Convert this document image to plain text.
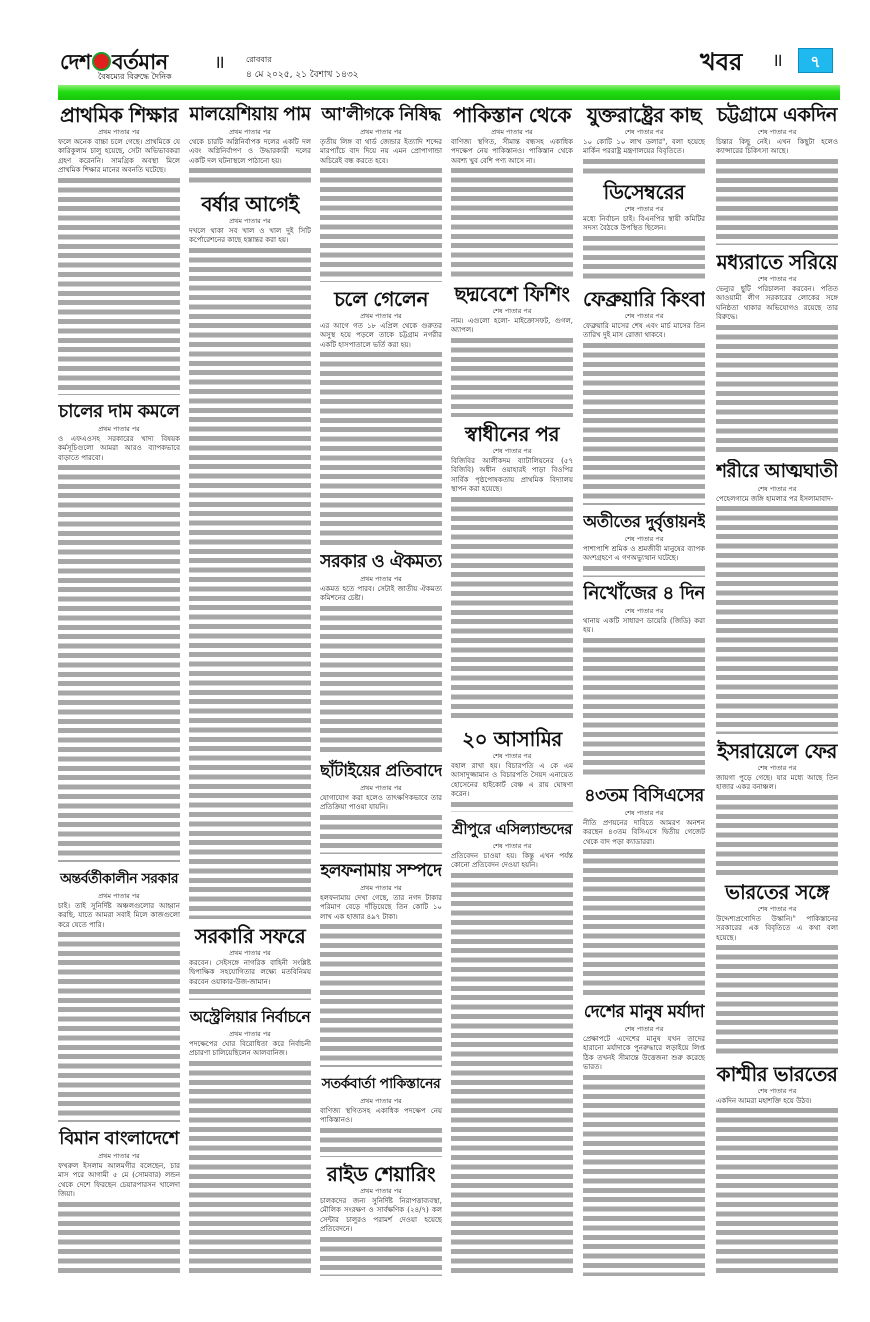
দেশ বর্তমান
বৈষম্যের বিরুদ্ধে দৈনিক
॥	রোববার
৪ মে ২০২৫, ২১ বৈশাখ ১৪৩২	খবর ॥	৭
প্রাথমিক শিক্ষার
প্রথম পাতার পর
ফলে অনেক বাচ্চা চলে গেছে। প্রাথমিকে যে কারিকুলাম চালু হয়েছে, সেটা অভিভাবকরা গ্রহণ করেননি। সামগ্রিক অবস্থা মিলে প্রাথমিক শিক্ষার মানের অবনতি ঘটেছে।
চালের দাম কমলে
প্রথম পাতার পর
ও এফএওসহ সরকারের খাদ্য বিষয়ক কর্মসূচিগুলো আমরা আরও ব্যাপকভাবে বাড়াতে পারবো।
অন্তর্বর্তীকালীন সরকার
প্রথম পাতার পর
চাই। তাই সুনির্দিষ্ট অঞ্চলগুলোর আহ্বান করছি, যাতে আমরা সবাই মিলে কাজগুলো করে যেতে পারি।
বিমান বাংলাদেশে
প্রথম পাতার পর
ফখরুল ইসলাম আলমগীর বলেছেন, চার মাস পরে আগামী ৫ মে (সোমবার) লন্ডন থেকে দেশে ফিরছেন চেয়ারপারসন খালেদা জিয়া।
মালয়েশিয়ায় পাম
প্রথম পাতার পর
থেকে চারটি অগ্নিনির্বাপক দলের একটি দল এবং অগ্নিনির্বাপণ ও উদ্ধারকারী দলের একটি দল ঘটনাস্থলে পাঠানো হয়।
বর্ষার আগেই
প্রথম পাতার পর
দখলে থাকা সব খাল ও খাল দুই সিটি কর্পোরেশনের কাছে হস্তান্তর করা হয়।
সরকারি সফরে
প্রথম পাতার পর
করবেন। সেইসঙ্গে নাগরিক বাহিনী সংশ্লিষ্ট দ্বিপাক্ষিক সহযোগিতার লক্ষ্যে মতবিনিময় করবেন ওয়াকার-উজ-জামান।
অস্ট্রেলিয়ার নির্বাচনে
প্রথম পাতার পর
পদক্ষেপের ঘোর বিরোধিতা করে নির্বাচনী প্রচারণা চালিয়েছিলেন আলবানিজ।
আ'লীগকে নিষিদ্ধ
প্রথম পাতার পর
তৃতীয় লিঙ্গ বা থার্ড জেন্ডার ইত্যাদি শব্দের মারপ্যাঁচে বাদ দিয়ে নয় এমন প্রোপাগান্ডা অচিরেই বন্ধ করতে হবে।
চলে গেলেন
প্রথম পাতার পর
এর আগে গত ১৮ এপ্রিল থেকে গুরুতর অসুস্থ হয়ে পড়লে তাকে চট্টগ্রাম নগরীর একটি হাসপাতালে ভর্তি করা হয়।
সরকার ও ঐকমত্য
প্রথম পাতার পর
একমত হতে পারব। সেটাই জাতীয় ঐকমত্য কমিশনের চেষ্টা।
ছাঁটাইয়ের প্রতিবাদে
প্রথম পাতার পর
যোগাযোগ করা হলেও তাৎক্ষণিকভাবে তার প্রতিক্রিয়া পাওয়া যায়নি।
হলফনামায় সম্পদে
প্রথম পাতার পর
হলফনামায় দেখা গেছে, তার নগদ টাকার পরিমাণ বেড়ে দাঁড়িয়েছে তিন কোটি ১০ লাখ এক হাজার ৪৯৭ টাকা।
সতর্কবার্তা পাকিস্তানের
প্রথম পাতার পর
বাণিজ্য স্থগিতসহ একাধিক পদক্ষেপ নেয় পাকিস্তানও।
রাইড শেয়ারিং
প্রথম পাতার পর
চালকদের জন্য সুনির্দিষ্ট নিরাপত্তাব্যবস্থা, মৌলিক সংরক্ষণ ও সার্বক্ষণিক (২৪/৭) কল সেন্টার চালুরও পরামর্শ দেওয়া হয়েছে প্রতিবেদনে।
পাকিস্তান থেকে
প্রথম পাতার পর
বাণিজ্য স্থগিত, সীমান্ত বন্ধসহ একাধিক পদক্ষেপ নেয় পাকিস্তানও। পাকিস্তান থেকে অবশ্য খুব বেশি পণ্য আসে না।
ছদ্মবেশে ফিশিং
শেষ পাতার পর
নাম। এগুলো হলো- মাইক্রোসফট, গুগল, অ্যাপল।
স্বাধীনের পর
শেষ পাতার পর
বিজিবির আলীকদম ব্যাটালিয়নের (৫৭ বিজিবি) অধীন ওয়াহারই পাড়া বিওপির সার্বিক পৃষ্ঠপোষকতায় প্রাথমিক বিদ্যালয় স্থাপন করা হয়েছে।
২০ আসামির
শেষ পাতার পর
বহাল রাখা হয়। বিচারপতি এ কে এম আসাদুজ্জামান ও বিচারপতি সৈয়দ এনায়েত হোসেনের হাইকোর্ট বেঞ্চ এ রায় ঘোষণা করেন।
শ্রীপুরে এসিল্যান্ডদের
শেষ পাতার পর
প্রতিবেদন চাওয়া হয়। কিন্তু এখন পর্যন্ত কোনো প্রতিবেদন দেওয়া হয়নি।
যুক্তরাষ্ট্রের কাছ
শেষ পাতার পর
১০ কোটি ১০ লাখ ডলার", বলা হয়েছে মার্কিন পররাষ্ট্র মন্ত্রণালয়ের বিবৃতিতে।
ডিসেম্বরের
শেষ পাতার পর
মধ্যে নির্বাচন চাই। বিএনপির স্থায়ী কমিটির সদস্য বৈঠকে উপস্থিত ছিলেন।
ফেব্রুয়ারি কিংবা
শেষ পাতার পর
ফেব্রুয়ারি মাসের শেষ এবং মার্চ মাসের তিন তারিখ দুই মাস রোজা থাকবে।
অতীতের দুর্বৃত্তায়নই
শেষ পাতার পর
পাশাপাশি শ্রমিক ও শ্রমজীবী মানুষের ব্যাপক অংশগ্রহণে এ গণঅভ্যুত্থান ঘটেছে।
নিখোঁজের ৪ দিন
শেষ পাতার পর
থানায় একটি সাধারণ ডায়েরি (জিডি) করা হয়।
৪৩তম বিসিএসের
শেষ পাতার পর
নীতি প্রণয়নের দাবিতে আমরণ অনশন করছেন ৪৩তম বিসিএসে দ্বিতীয় গেজেট থেকে বাদ পড়া ক্যাডাররা।
দেশের মানুষ মর্যাদা
শেষ পাতার পর
প্রেক্ষাপটে এদেশের মানুষ যখন তাদের হারানো মর্যাদাকে পুনরুদ্ধারে লড়াইয়ে লিপ্ত ঠিক তখনই সীমান্তে উত্তেজনা শুরু করেছে ভারত।
চট্টগ্রামে একদিন
শেষ পাতার পর
চিন্তার কিছু নেই। এখন কিছুটা হলেও ক্যান্সারের চিকিৎসা আছে।
মধ্যরাতে সরিয়ে
শেষ পাতার পর
ভেন্যুর ছুটি পরিচালনা করবেন। পতিত আওয়ামী লীগ সরকারের লোকের সঙ্গে ঘনিষ্ঠতা থাকার অভিযোগও রয়েছে তার বিরুদ্ধে।
শরীরে আত্মঘাতী
শেষ পাতার পর
পেহেলগামে জঙ্গি হামলার পর ইসলামাবাদ-
ইসরায়েলে ফের
শেষ পাতার পর
জায়গা পুড়ে গেছে। যার মধ্যে আছে তিন হাজার একর বনাঞ্চল।
ভারতের সঙ্গে
শেষ পাতার পর
উদ্দেশ্যপ্রণোদিত উস্কানি।" পাকিস্তানের সরকারের এক বিবৃতিতে এ কথা বলা হয়েছে।
কাশ্মীর ভারতের
শেষ পাতার পর
একদিন আমরা মহাশক্তি হয়ে উঠব।
